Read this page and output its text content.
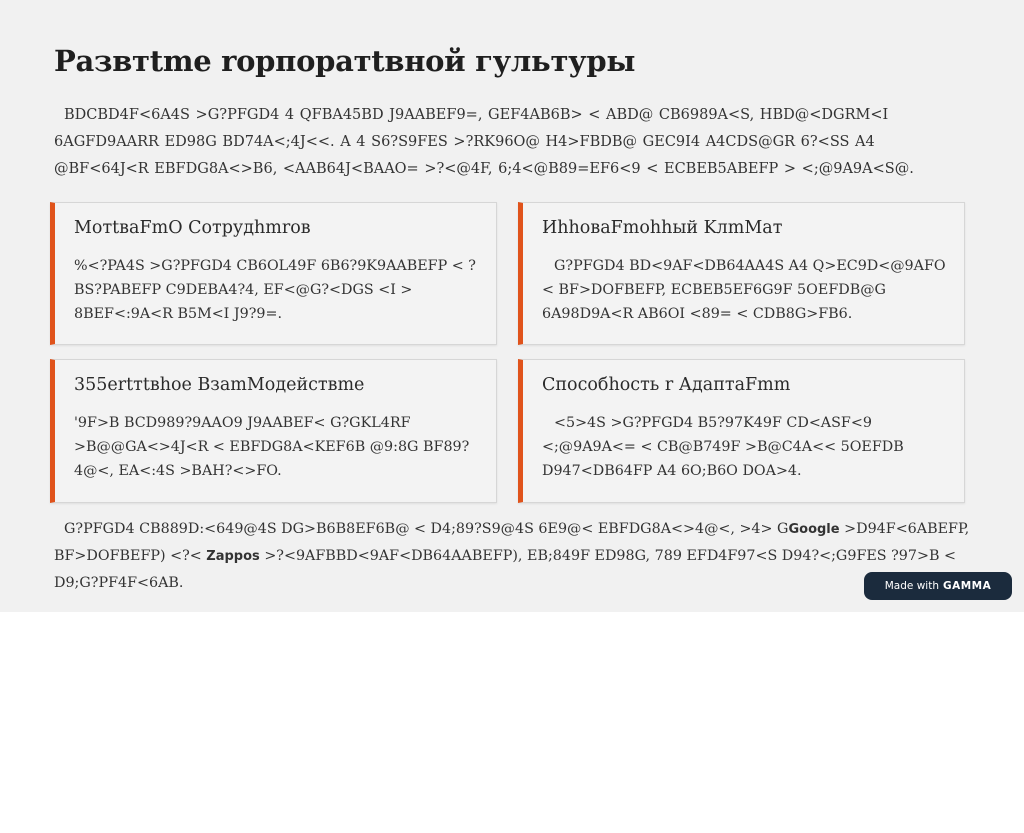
Развтtme rорпоратtвной гультуры

BDCBD4F<6A4S >G?PFGD4 4 QFBA45BD J9AABEF9=, GEF4AB6B> < ABD@ CB6989A<S, HBD@<DGRM<I 6AGFD9AARR ED98G BD74A<;4J<<. A 4 S6?S9FES >?RK96O@ H4>FBDB@ GEC9I4 A4CDS@GR 6?<SS A4 @BF<64J<R EBFDG8A<>B6, <AAB64J<BAAO= >?<@4F, 6;4<@B89=EF6<9 < ECBEB5ABEFP > <;@9A9A<S@.

MотtвaFmO Сотрудhmrов

%<?PA4S >G?PFGD4 CB6OL49F 6B6?9K9AABEFP < ?BS?PABEFP C9DEBA4?4, EF<@G?<DGS <I > 8BEF<:9A<R B5M<I J9?9=.

ИhhoвaFmohhый KлmMaт

G?PFGD4 BD<9AF<DB64AA4S A4 Q>EC9D<@9AFO < BF>DOFBEFP, ECBEB5EF6G9F 5OEFDB@G 6A98D9A<R AB6OI <89= < CDB8G>FB6.

355ertтtвhoe ВзаmМодействme

'9F>B BCD989?9AAO9 J9AABEF< G?GKL4RF >B@@GA<>4J<R < EBFDG8A<KEF6B @9:8G BF89?4@<, EA<:4S >BAH?<>FO.

Способhость r АдаптаFmm

<5>4S >G?PFGD4 B5?97K49F CD<ASF<9 <;@9A9A<= < CB@B749F >B@C4A<< 5OEFDB D947<DB64FP A4 6O;B6O DOA>4.

G?PFGD4 CB889D:<649@4S DG>B6B8EF6B@ < D4;89?S9@4S 6E9@< EBFDG8A<>4@<, >4> GGoogle >D94F<6ABEFP, BF>DOFBEFP) <?< Zappos >?<9AFBBD<9AF<DB64AABEFP), EB;849F ED98G, 789 EFD4F97<S D94?<;G9FES ?97>B < D9;G?PF4F<6AB.	Made with GAMMA
